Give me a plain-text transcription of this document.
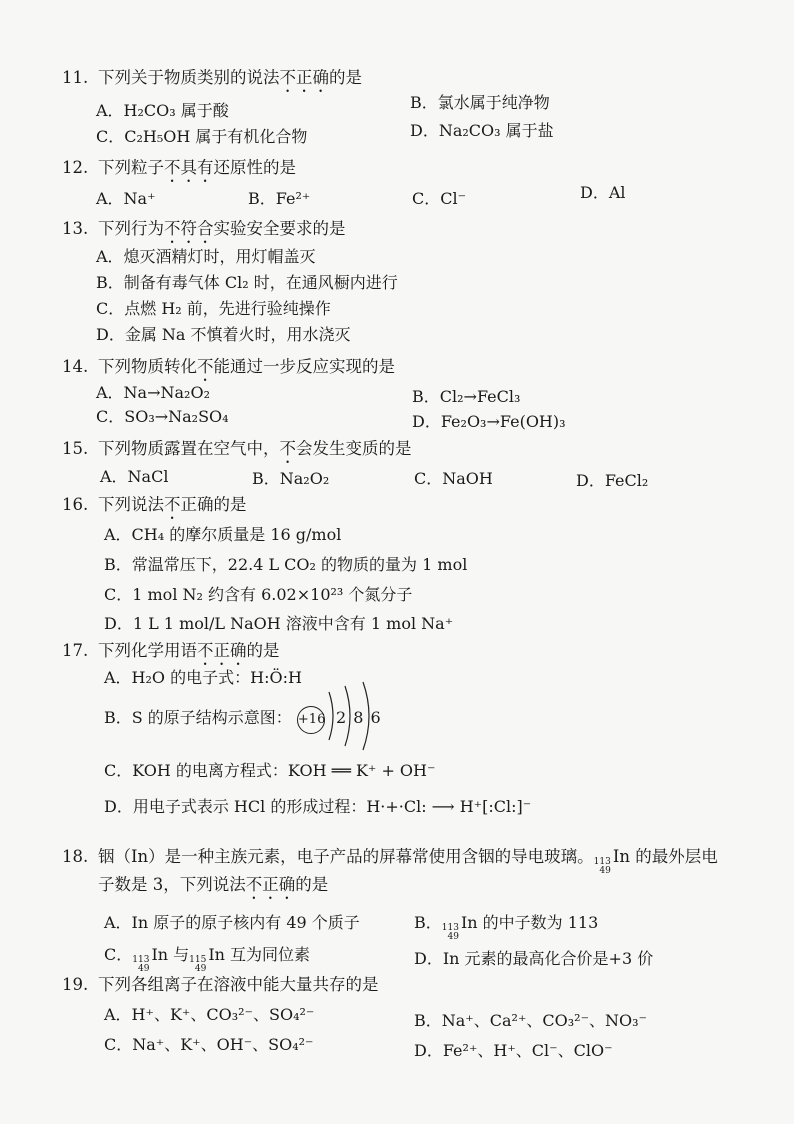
11. 下列关于物质类别的说法不正确的是
A．H₂CO₃ 属于酸	B．氯水属于纯净物
C．C₂H₅OH 属于有机化合物	D．Na₂CO₃ 属于盐
12. 下列粒子不具有还原性的是
A．Na⁺	B．Fe²⁺	C．Cl⁻	D．Al
13. 下列行为不符合实验安全要求的是
A．熄灭酒精灯时，用灯帽盖灭
B．制备有毒气体 Cl₂ 时，在通风橱内进行
C．点燃 H₂ 前，先进行验纯操作
D．金属 Na 不慎着火时，用水浇灭
14. 下列物质转化不能通过一步反应实现的是
A．Na→Na₂O₂	B．Cl₂→FeCl₃
C．SO₃→Na₂SO₄	D．Fe₂O₃→Fe(OH)₃
15. 下列物质露置在空气中，不会发生变质的是
A．NaCl	B．Na₂O₂	C．NaOH	D．FeCl₂
16. 下列说法不正确的是
A．CH₄ 的摩尔质量是 16 g/mol
B．常温常压下，22.4 L CO₂ 的物质的量为 1 mol
C．1 mol N₂ 约含有 6.02×10²³ 个氮分子
D．1 L 1 mol/L NaOH 溶液中含有 1 mol Na⁺
17. 下列化学用语不正确的是
A．H₂O 的电子式：H:Ö:H
B．S 的原子结构示意图： +16 2 8 6
C．KOH 的电离方程式：KOH ══ K⁺ + OH⁻
D．用电子式表示 HCl 的形成过程：H·+·Cl: ⟶ H⁺[:Cl:]⁻
18. 铟（In）是一种主族元素，电子产品的屏幕常使用含铟的导电玻璃。 113
49
In 的最外层电
子数是 3，下列说法不正确的是
A．In 原子的原子核内有 49 个质子	B． 113
49
In 的中子数为 113
C． 113
49
In 与 115
49
In 互为同位素	D．In 元素的最高化合价是+3 价
19. 下列各组离子在溶液中能大量共存的是
A．H⁺、K⁺、CO₃²⁻、SO₄²⁻	B．Na⁺、Ca²⁺、CO₃²⁻、NO₃⁻
C．Na⁺、K⁺、OH⁻、SO₄²⁻	D．Fe²⁺、H⁺、Cl⁻、ClO⁻
